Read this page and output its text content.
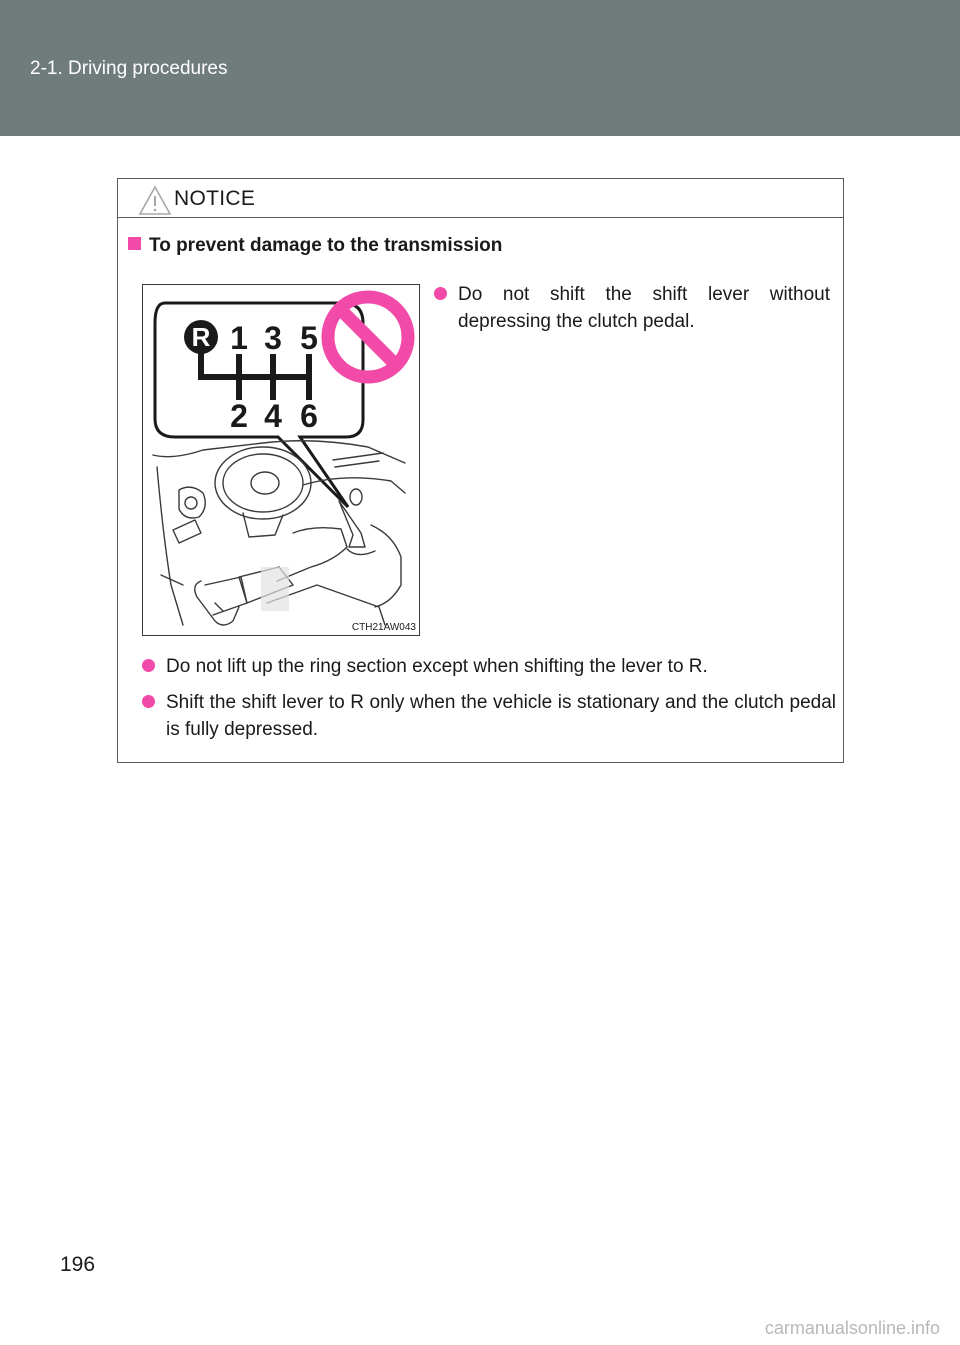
2-1. Driving procedures
NOTICE
To prevent damage to the transmission
R 1 3 5
2 4 6
CTH21AW043
Do not shift the shift lever without depressing the clutch pedal.
Do not lift up the ring section except when shifting the lever to R.
Shift the shift lever to R only when the vehicle is stationary and the clutch pedal is fully depressed.
196
carmanualsonline.info
